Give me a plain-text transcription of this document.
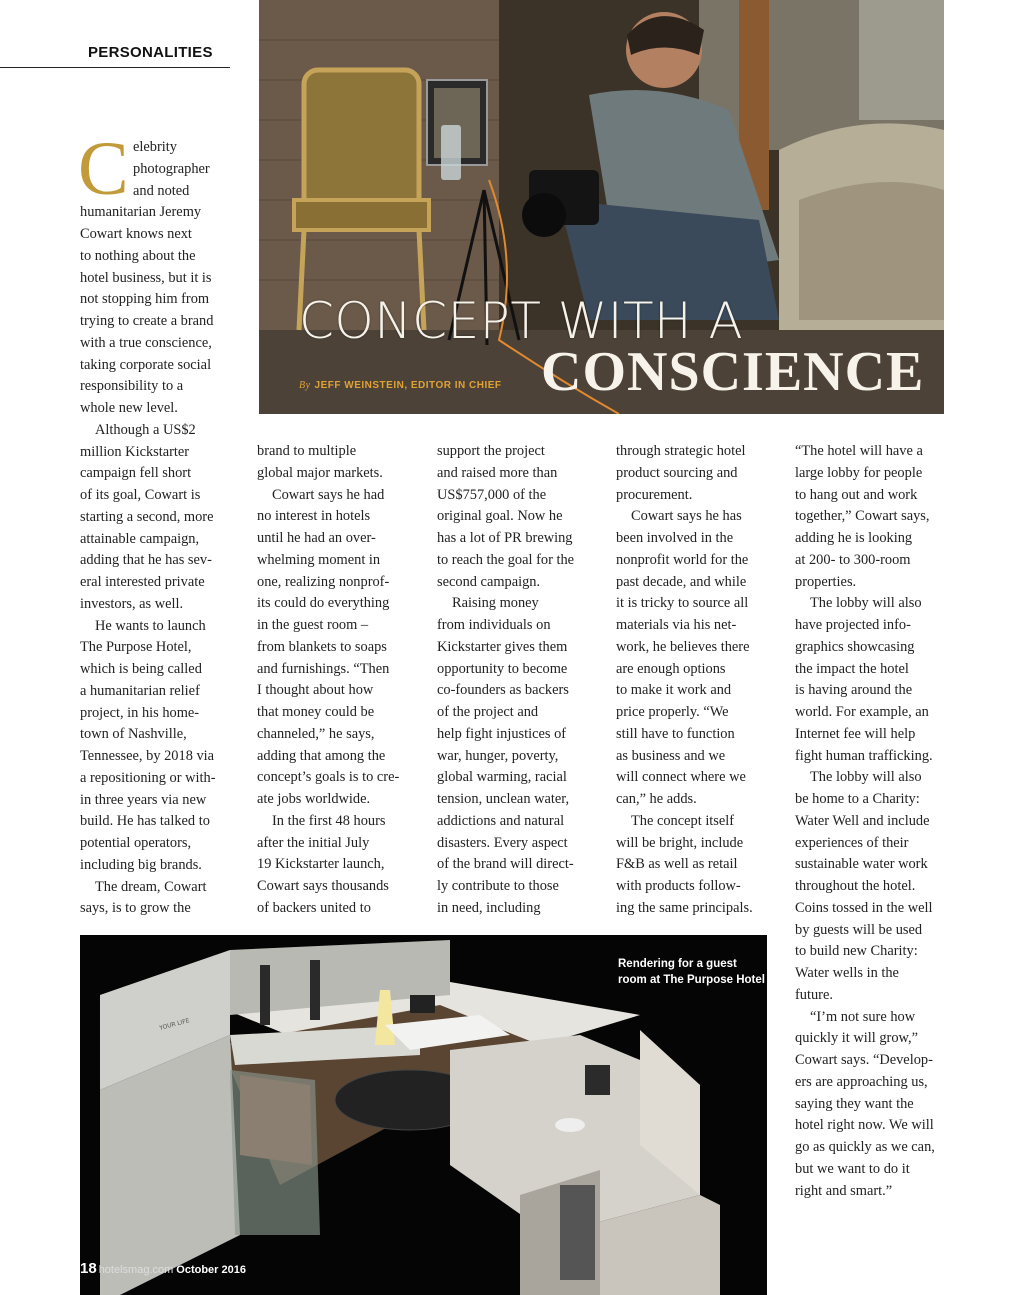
PERSONALITIES
CONCEPT WITH A
CONSCIENCE
By JEFF WEINSTEIN, EDITOR IN CHIEF
C elebrity
photographer
and noted
humanitarian Jeremy
Cowart knows next
to nothing about the
hotel business, but it is
not stopping him from
trying to create a brand
with a true conscience,
taking corporate social
responsibility to a
whole new level.
Although a US$2
million Kickstarter
campaign fell short
of its goal, Cowart is
starting a second, more
attainable campaign,
adding that he has sev-
eral interested private
investors, as well.
He wants to launch
The Purpose Hotel,
which is being called
a humanitarian relief
project, in his home-
town of Nashville,
Tennessee, by 2018 via
a repositioning or with-
in three years via new
build. He has talked to
potential operators,
including big brands.
The dream, Cowart
says, is to grow the
brand to multiple
global major markets.
Cowart says he had
no interest in hotels
until he had an over-
whelming moment in
one, realizing nonprof-
its could do everything
in the guest room –
from blankets to soaps
and furnishings. “Then
I thought about how
that money could be
channeled,” he says,
adding that among the
concept’s goals is to cre-
ate jobs worldwide.
In the first 48 hours
after the initial July
19 Kickstarter launch,
Cowart says thousands
of backers united to
support the project
and raised more than
US$757,000 of the
original goal. Now he
has a lot of PR brewing
to reach the goal for the
second campaign.
Raising money
from individuals on
Kickstarter gives them
opportunity to become
co-founders as backers
of the project and
help fight injustices of
war, hunger, poverty,
global warming, racial
tension, unclean water,
addictions and natural
disasters. Every aspect
of the brand will direct-
ly contribute to those
in need, including
through strategic hotel
product sourcing and
procurement.
Cowart says he has
been involved in the
nonprofit world for the
past decade, and while
it is tricky to source all
materials via his net-
work, he believes there
are enough options
to make it work and
price properly. “We
still have to function
as business and we
will connect where we
can,” he adds.
The concept itself
will be bright, include
F&B as well as retail
with products follow-
ing the same principals.
“The hotel will have a
large lobby for people
to hang out and work
together,” Cowart says,
adding he is looking
at 200- to 300-room
properties.
The lobby will also
have projected info-
graphics showcasing
the impact the hotel
is having around the
world. For example, an
Internet fee will help
fight human trafficking.
The lobby will also
be home to a Charity:
Water Well and include
experiences of their
sustainable water work
throughout the hotel.
Coins tossed in the well
by guests will be used
to build new Charity:
Water wells in the
future.
“I’m not sure how
quickly it will grow,”
Cowart says. “Develop-
ers are approaching us,
saying they want the
hotel right now. We will
go as quickly as we can,
but we want to do it
right and smart.”
YOUR LIFE
Rendering for a guest
room at The Purpose Hotel
18 hotelsmag.com October 2016
